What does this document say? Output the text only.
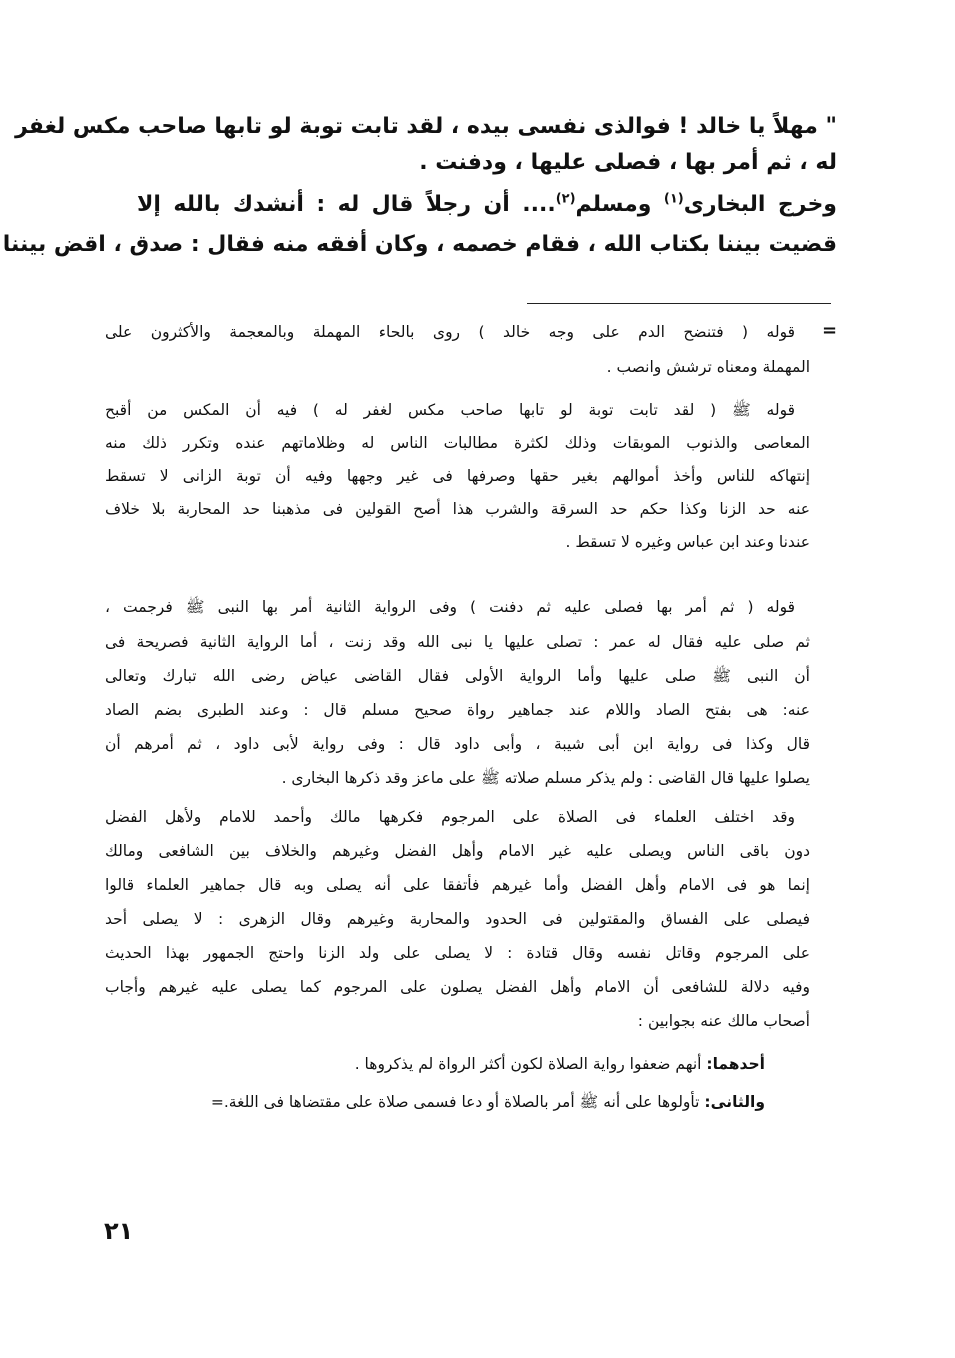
" مهلاً يا خالد ! فوالذى نفسى بيده ، لقد تابت توبة لو تابها صاحب مكس لغفر
له ، ثم أمر بها ، فصلى عليها ، ودفنت .
وخرج البخارى$^{(١)}$ ومسلم$^{(٢)}$.... أن رجلاً قال له : أنشدك بالله إلا
قضيت بيننا بكتاب الله ، فقام خصمه ، وكان أفقه منه فقال : صدق ، اقض بيننا
=
قوله ( فتنضح الدم على وجه خالد ) روى بالحاء المهملة وبالمعجمة والأكثرون على
المهملة ومعناه ترشش وانصب .
قوله ﷺ ( لقد تابت توبة لو تابها صاحب مكس لغفر له ) فيه أن المكس من أقبح
المعاصى والذنوب الموبقات وذلك لكثرة مطالبات الناس له وظلاماتهم عنده وتكرر ذلك منه
إنتهاكه للناس وأخذ أموالهم بغير حقها وصرفها فى غير وجهها وفيه أن توبة الزانى لا تسقط
عنه حد الزنا وكذا حكم حد السرقة والشرب هذا أصح القولين فى مذهبنا حد المحاربة بلا خلاف
عندنا وعند ابن عباس وغيره لا تسقط .
قوله ( ثم أمر بها فصلى عليه ثم دفنت ) وفى الرواية الثانية أمر بها النبى ﷺ فرجمت ،
ثم صلى عليه فقال له عمر : تصلى عليها يا نبى الله وقد زنت ، أما الرواية الثانية فصريحة فى
أن النبى ﷺ صلى عليها وأما الرواية الأولى فقال القاضى عياض رضى الله تبارك وتعالى
عنه: هى بفتح الصاد واللام عند جماهير رواة صحيح مسلم قال : وعند الطبرى بضم الصاد
قال وكذا فى رواية ابن أبى شيبة ، وأبى داود قال : وفى رواية لأبى داود ، ثم أمرهم أن
يصلوا عليها قال القاضى : ولم يذكر مسلم صلاته ﷺ على ماعز وقد ذكرها البخارى .
وقد اختلف العلماء فى الصلاة على المرجوم فكرهها مالك وأحمد للامام ولأهل الفضل
دون باقى الناس ويصلى عليه غير الامام وأهل الفضل وغيرهم والخلاف بين الشافعى ومالك
إنما هو فى الامام وأهل الفضل وأما غيرهم فأتفقا على أنه يصلى وبه قال جماهير العلماء قالوا
فيصلى على الفساق والمقتولين فى الحدود والمحاربة وغيرهم وقال الزهرى : لا يصلى أحد
على المرجوم وقاتل نفسه وقال قتادة : لا يصلى على ولد الزنا واحتج الجمهور بهذا الحديث
وفيه دلالة للشافعى أن الامام وأهل الفضل يصلون على المرجوم كما يصلى عليه غيرهم وأجاب
أصحاب مالك عنه بجوابين :
أحدهما: أنهم ضعفوا رواية الصلاة لكون أكثر الرواة لم يذكروها .
والثانى: تأولوها على أنه ﷺ أمر بالصلاة أو دعا فسمى صلاة على مقتضاها فى اللغة.=
٢١
